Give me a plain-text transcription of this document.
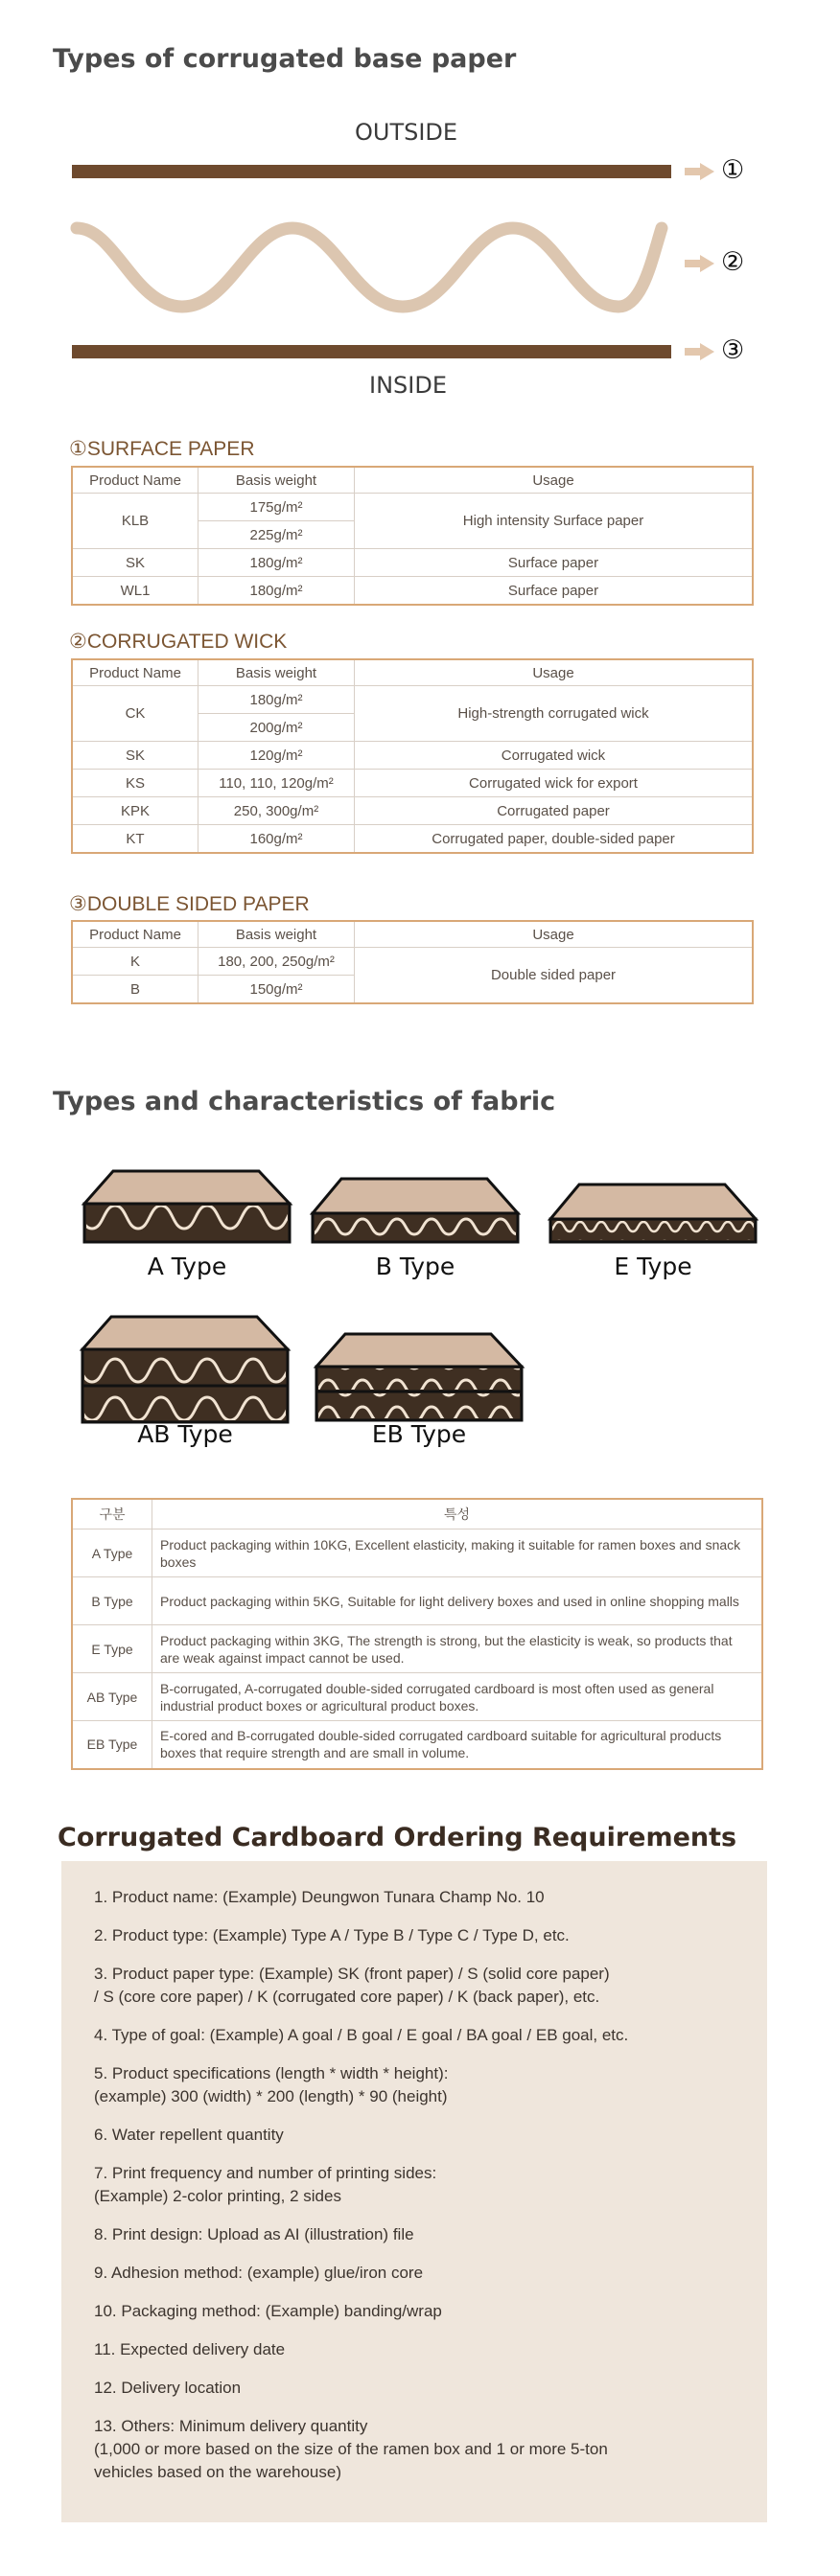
Types of corrugated base paper
OUTSIDE
①
②
③
INSIDE
①SURFACE PAPER
Product Name	Basis weight	Usage
KLB	175g/m²	High intensity Surface paper
	225g/m²	
SK	180g/m²	Surface paper
WL1	180g/m²	Surface paper
②CORRUGATED WICK
Product Name	Basis weight	Usage
CK	180g/m²	High-strength corrugated wick
	200g/m²	
SK	120g/m²	Corrugated wick
KS	110, 110, 120g/m²	Corrugated wick for export
KPK	250, 300g/m²	Corrugated paper
KT	160g/m²	Corrugated paper, double-sided paper
③DOUBLE SIDED PAPER
Product Name	Basis weight	Usage
K	180, 200, 250g/m²	Double sided paper
B	150g/m²	
Types and characteristics of fabric
A Type	B Type	E Type
AB Type	EB Type
구분	특성
A Type	Product packaging within 10KG, Excellent elasticity, making it suitable for ramen boxes and snack boxes
B Type	Product packaging within 5KG, Suitable for light delivery boxes and used in online shopping malls
E Type	Product packaging within 3KG, The strength is strong, but the elasticity is weak, so products that are weak against impact cannot be used.
AB Type	B-corrugated, A-corrugated double-sided corrugated cardboard is most often used as general industrial product boxes or agricultural product boxes.
EB Type	E-cored and B-corrugated double-sided corrugated cardboard suitable for agricultural products boxes that require strength and are small in volume.
Corrugated Cardboard Ordering Requirements
1. Product name: (Example) Deungwon Tunara Champ No. 10
2. Product type: (Example) Type A / Type B / Type C / Type D, etc.
3. Product paper type: (Example) SK (front paper) / S (solid core paper)
/ S (core core paper) / K (corrugated core paper) / K (back paper), etc.
4. Type of goal: (Example) A goal / B goal / E goal / BA goal / EB goal, etc.
5. Product specifications (length * width * height):
(example) 300 (width) * 200 (length) * 90 (height)
6. Water repellent quantity
7. Print frequency and number of printing sides:
(Example) 2-color printing, 2 sides
8. Print design: Upload as AI (illustration) file
9. Adhesion method: (example) glue/iron core
10. Packaging method: (Example) banding/wrap
11. Expected delivery date
12. Delivery location
13. Others: Minimum delivery quantity
(1,000 or more based on the size of the ramen box and 1 or more 5-ton
vehicles based on the warehouse)
